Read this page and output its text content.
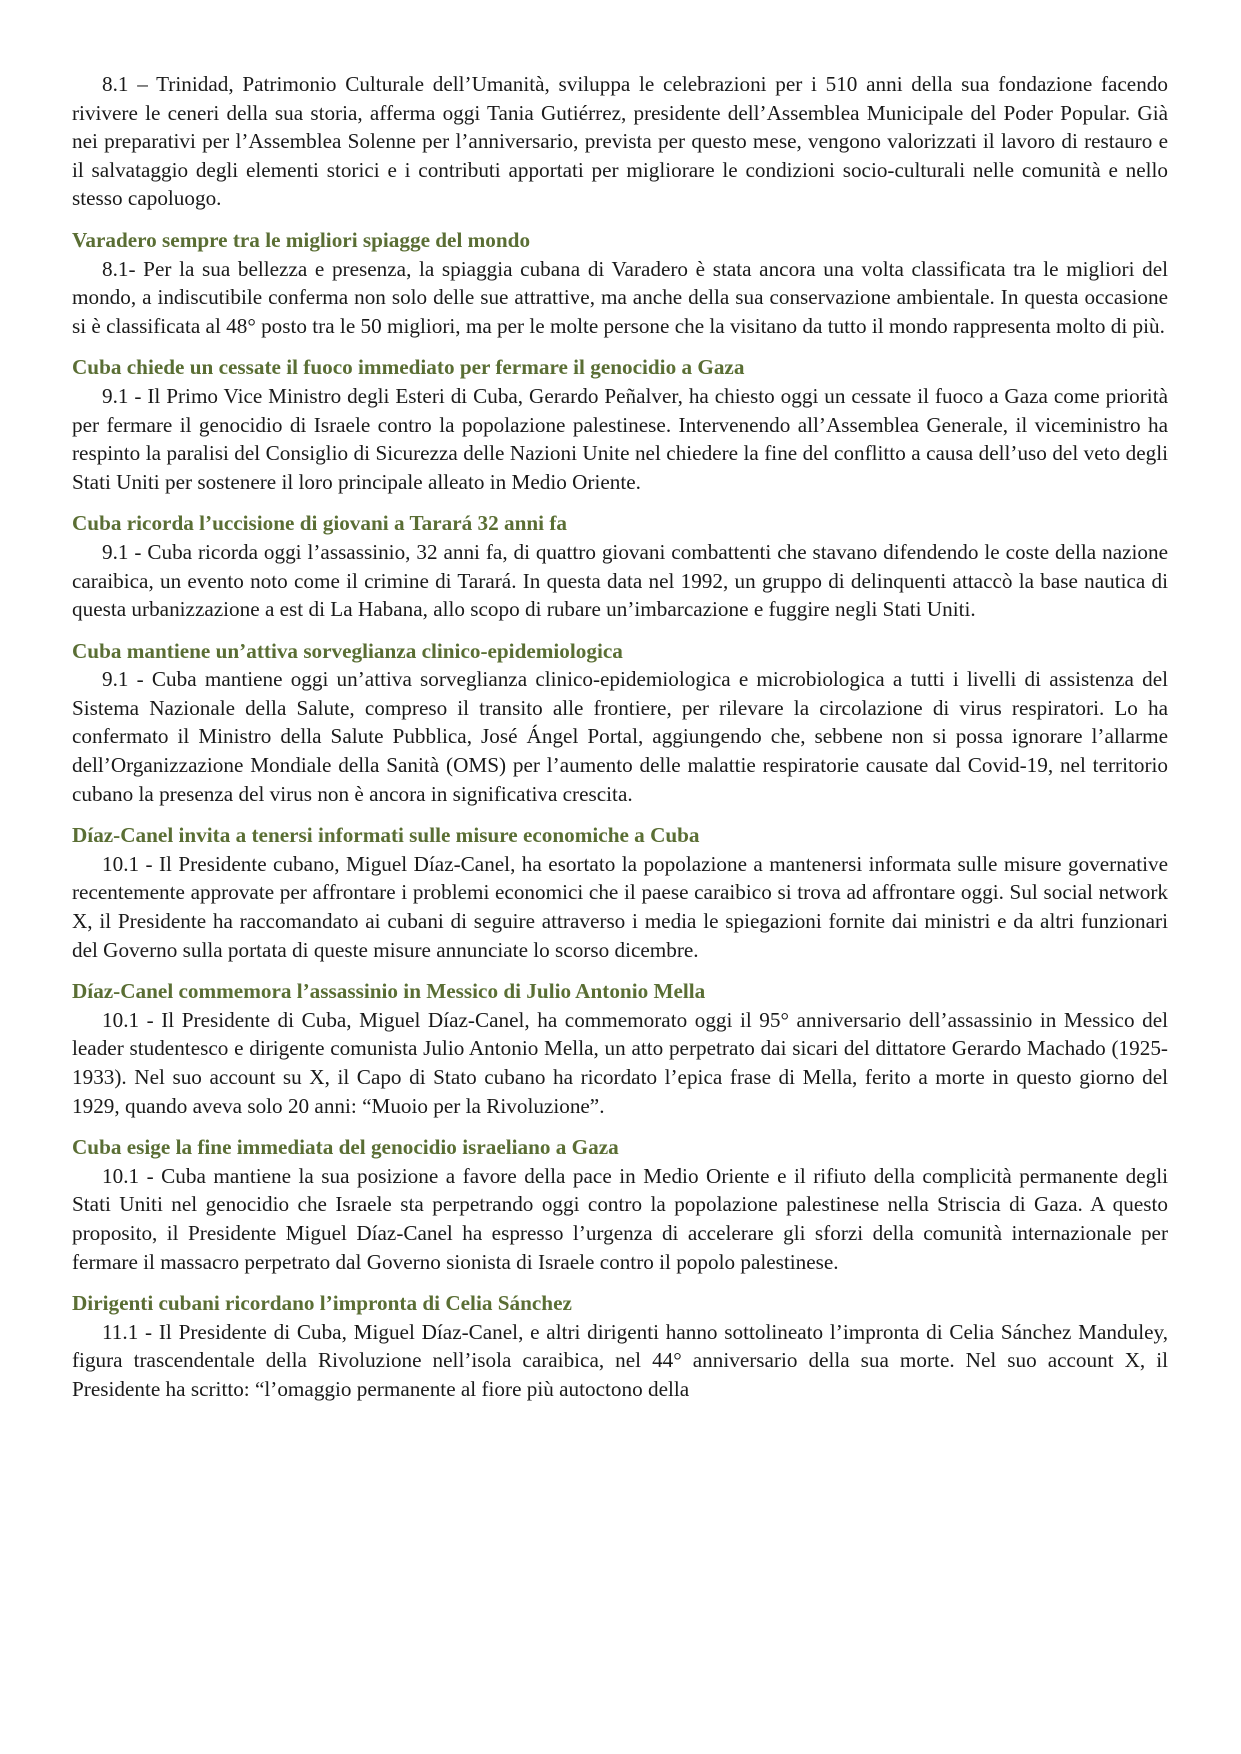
8.1 – Trinidad, Patrimonio Culturale dell’Umanità, sviluppa le celebrazioni per i 510 anni della sua fondazione facendo rivivere le ceneri della sua storia, afferma oggi Tania Gutiérrez, presidente dell’Assemblea Municipale del Poder Popular. Già nei preparativi per l’Assemblea Solenne per l’anniversario, prevista per questo mese, vengono valorizzati il lavoro di restauro e il salvataggio degli elementi storici e i contributi apportati per migliorare le condizioni socio-culturali nelle comunità e nello stesso capoluogo.

Varadero sempre tra le migliori spiagge del mondo

8.1- Per la sua bellezza e presenza, la spiaggia cubana di Varadero è stata ancora una volta classificata tra le migliori del mondo, a indiscutibile conferma non solo delle sue attrattive, ma anche della sua conservazione ambientale. In questa occasione si è classificata al 48° posto tra le 50 migliori, ma per le molte persone che la visitano da tutto il mondo rappresenta molto di più.

Cuba chiede un cessate il fuoco immediato per fermare il genocidio a Gaza

9.1 - Il Primo Vice Ministro degli Esteri di Cuba, Gerardo Peñalver, ha chiesto oggi un cessate il fuoco a Gaza come priorità per fermare il genocidio di Israele contro la popolazione palestinese. Intervenendo all’Assemblea Generale, il viceministro ha respinto la paralisi del Consiglio di Sicurezza delle Nazioni Unite nel chiedere la fine del conflitto a causa dell’uso del veto degli Stati Uniti per sostenere il loro principale alleato in Medio Oriente.

Cuba ricorda l’uccisione di giovani a Tarará 32 anni fa

9.1 - Cuba ricorda oggi l’assassinio, 32 anni fa, di quattro giovani combattenti che stavano difendendo le coste della nazione caraibica, un evento noto come il crimine di Tarará. In questa data nel 1992, un gruppo di delinquenti attaccò la base nautica di questa urbanizzazione a est di La Habana, allo scopo di rubare un’imbarcazione e fuggire negli Stati Uniti.

Cuba mantiene un’attiva sorveglianza clinico-epidemiologica

9.1 - Cuba mantiene oggi un’attiva sorveglianza clinico-epidemiologica e microbiologica a tutti i livelli di assistenza del Sistema Nazionale della Salute, compreso il transito alle frontiere, per rilevare la circolazione di virus respiratori. Lo ha confermato il Ministro della Salute Pubblica, José Ángel Portal, aggiungendo che, sebbene non si possa ignorare l’allarme dell’Organizzazione Mondiale della Sanità (OMS) per l’aumento delle malattie respiratorie causate dal Covid-19, nel territorio cubano la presenza del virus non è ancora in significativa crescita.

Díaz-Canel invita a tenersi informati sulle misure economiche a Cuba

10.1 - Il Presidente cubano, Miguel Díaz-Canel, ha esortato la popolazione a mantenersi informata sulle misure governative recentemente approvate per affrontare i problemi economici che il paese caraibico si trova ad affrontare oggi. Sul social network X, il Presidente ha raccomandato ai cubani di seguire attraverso i media le spiegazioni fornite dai ministri e da altri funzionari del Governo sulla portata di queste misure annunciate lo scorso dicembre.

Díaz-Canel commemora l’assassinio in Messico di Julio Antonio Mella

10.1 - Il Presidente di Cuba, Miguel Díaz-Canel, ha commemorato oggi il 95° anniversario dell’assassinio in Messico del leader studentesco e dirigente comunista Julio Antonio Mella, un atto perpetrato dai sicari del dittatore Gerardo Machado (1925-1933). Nel suo account su X, il Capo di Stato cubano ha ricordato l’epica frase di Mella, ferito a morte in questo giorno del 1929, quando aveva solo 20 anni: “Muoio per la Rivoluzione”.

Cuba esige la fine immediata del genocidio israeliano a Gaza

10.1 - Cuba mantiene la sua posizione a favore della pace in Medio Oriente e il rifiuto della complicità permanente degli Stati Uniti nel genocidio che Israele sta perpetrando oggi contro la popolazione palestinese nella Striscia di Gaza. A questo proposito, il Presidente Miguel Díaz-Canel ha espresso l’urgenza di accelerare gli sforzi della comunità internazionale per fermare il massacro perpetrato dal Governo sionista di Israele contro il popolo palestinese.

Dirigenti cubani ricordano l’impronta di Celia Sánchez

11.1 - Il Presidente di Cuba, Miguel Díaz-Canel, e altri dirigenti hanno sottolineato l’impronta di Celia Sánchez Manduley, figura trascendentale della Rivoluzione nell’isola caraibica, nel 44° anniversario della sua morte. Nel suo account X, il Presidente ha scritto: “l’omaggio permanente al fiore più autoctono della
